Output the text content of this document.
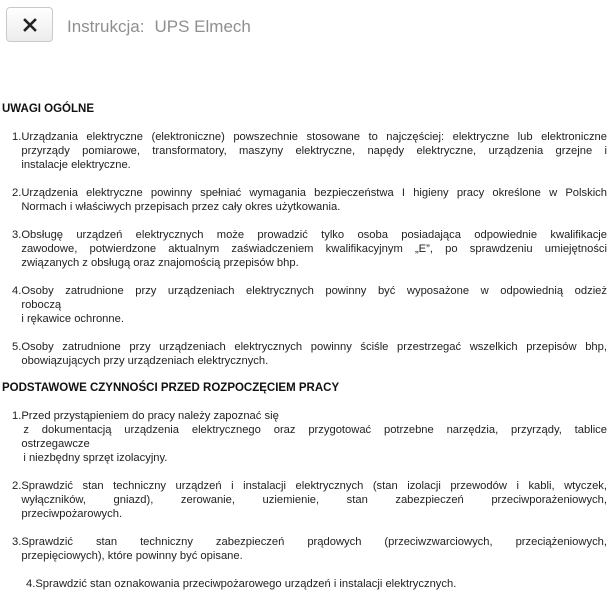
Instrukcja: UPS Elmech
UWAGI OGÓLNE
1. Urządzania elektryczne (elektroniczne) powszechnie stosowane to najczęściej: elektryczne lub elektroniczne
przyrządy pomiarowe, transformatory, maszyny elektryczne, napędy elektryczne, urządzenia grzejne i
instalacje elektryczne.
2. Urządzenia elektryczne powinny spełniać wymagania bezpieczeństwa I higieny pracy określone w Polskich
Normach i właściwych przepisach przez cały okres użytkowania.
3. Obsługę urządzeń elektrycznych może prowadzić tylko osoba posiadająca odpowiednie kwalifikacje
zawodowe, potwierdzone aktualnym zaświadczeniem kwalifikacyjnym „E”, po sprawdzeniu umiejętności
związanych z obsługą oraz znajomością przepisów bhp.
4. Osoby zatrudnione przy urządzeniach elektrycznych powinny być wyposażone w odpowiednią odzież
roboczą
i rękawice ochronne.
5. Osoby zatrudnione przy urządzeniach elektrycznych powinny ściśle przestrzegać wszelkich przepisów bhp,
obowiązujących przy urządzeniach elektrycznych.
PODSTAWOWE CZYNNOŚCI PRZED ROZPOCZĘCIEM PRACY
1. Przed przystąpieniem do pracy należy zapoznać się
z dokumentacją urządzenia elektrycznego oraz przygotować potrzebne narzędzia, przyrządy, tablice
ostrzegawcze
i niezbędny sprzęt izolacyjny.
2. Sprawdzić stan techniczny urządzeń i instalacji elektrycznych (stan izolacji przewodów i kabli, wtyczek,
wyłączników, gniazd), zerowanie, uziemienie, stan zabezpieczeń przeciwporażeniowych,
przeciwpożarowych.
3. Sprawdzić stan techniczny zabezpieczeń prądowych (przeciwzwarciowych, przeciążeniowych,
przepięciowych), które powinny być opisane.
4. Sprawdzić stan oznakowania przeciwpożarowego urządzeń i instalacji elektrycznych.
